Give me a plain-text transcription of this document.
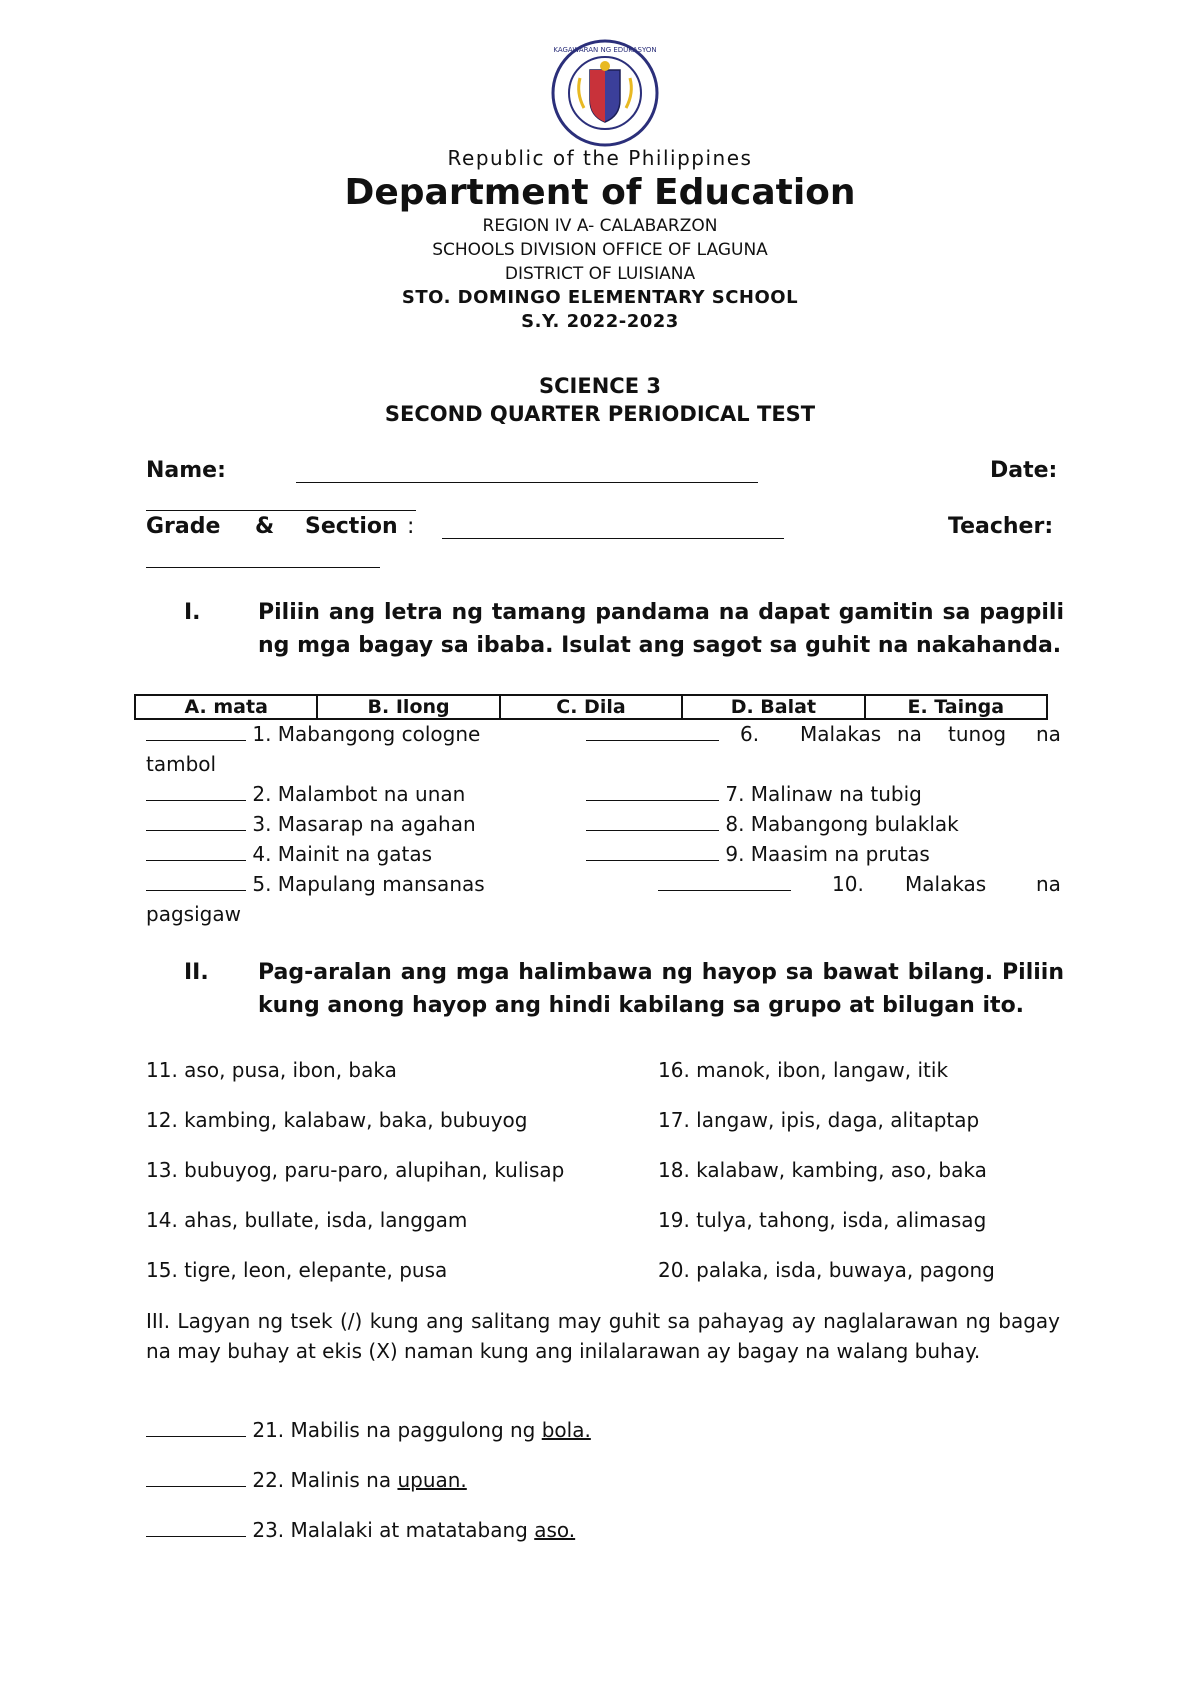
KAGAWARAN NG EDUKASYON
Republic of the Philippines
Department of Education
REGION IV A- CALABARZON
SCHOOLS DIVISION OFFICE OF LAGUNA
DISTRICT OF LUISIANA
STO. DOMINGO ELEMENTARY SCHOOL
S.Y. 2022-2023
SCIENCE 3
SECOND QUARTER PERIODICAL TEST
Name:	Date:
Grade & Section :	Teacher:
I.	Piliin ang letra ng tamang pandama na dapat gamitin sa pagpili
ng mga bagay sa ibaba. Isulat ang sagot sa guhit na nakahanda.
A. mata	B. Ilong	C. Dila	D. Balat	E. Tainga
1. Mabangong cologne
2. Malambot na unan
3. Masarap na agahan
4. Mainit na gatas
5. Mapulang mansanas
6. Malakas na tunog na
tambol
7. Malinaw na tubig
8. Mabangong bulaklak
9. Maasim na prutas
10. Malakas na
pagsigaw
II. Pag-aralan ang mga halimbawa ng hayop sa bawat bilang. Piliin
kung anong hayop ang hindi kabilang sa grupo at bilugan ito.
11. aso, pusa, ibon, baka
12. kambing, kalabaw, baka, bubuyog
13. bubuyog, paru-paro, alupihan, kulisap
14. ahas, bullate, isda, langgam
15. tigre, leon, elepante, pusa
16. manok, ibon, langaw, itik
17. langaw, ipis, daga, alitaptap
18. kalabaw, kambing, aso, baka
19. tulya, tahong, isda, alimasag
20. palaka, isda, buwaya, pagong
III. Lagyan ng tsek (/) kung ang salitang may guhit sa pahayag ay naglalarawan ng bagay na may buhay at ekis (X) naman kung ang inilalarawan ay bagay na walang buhay.
21. Mabilis na paggulong ng bola.
22. Malinis na upuan.
23. Malalaki at matatabang aso.
